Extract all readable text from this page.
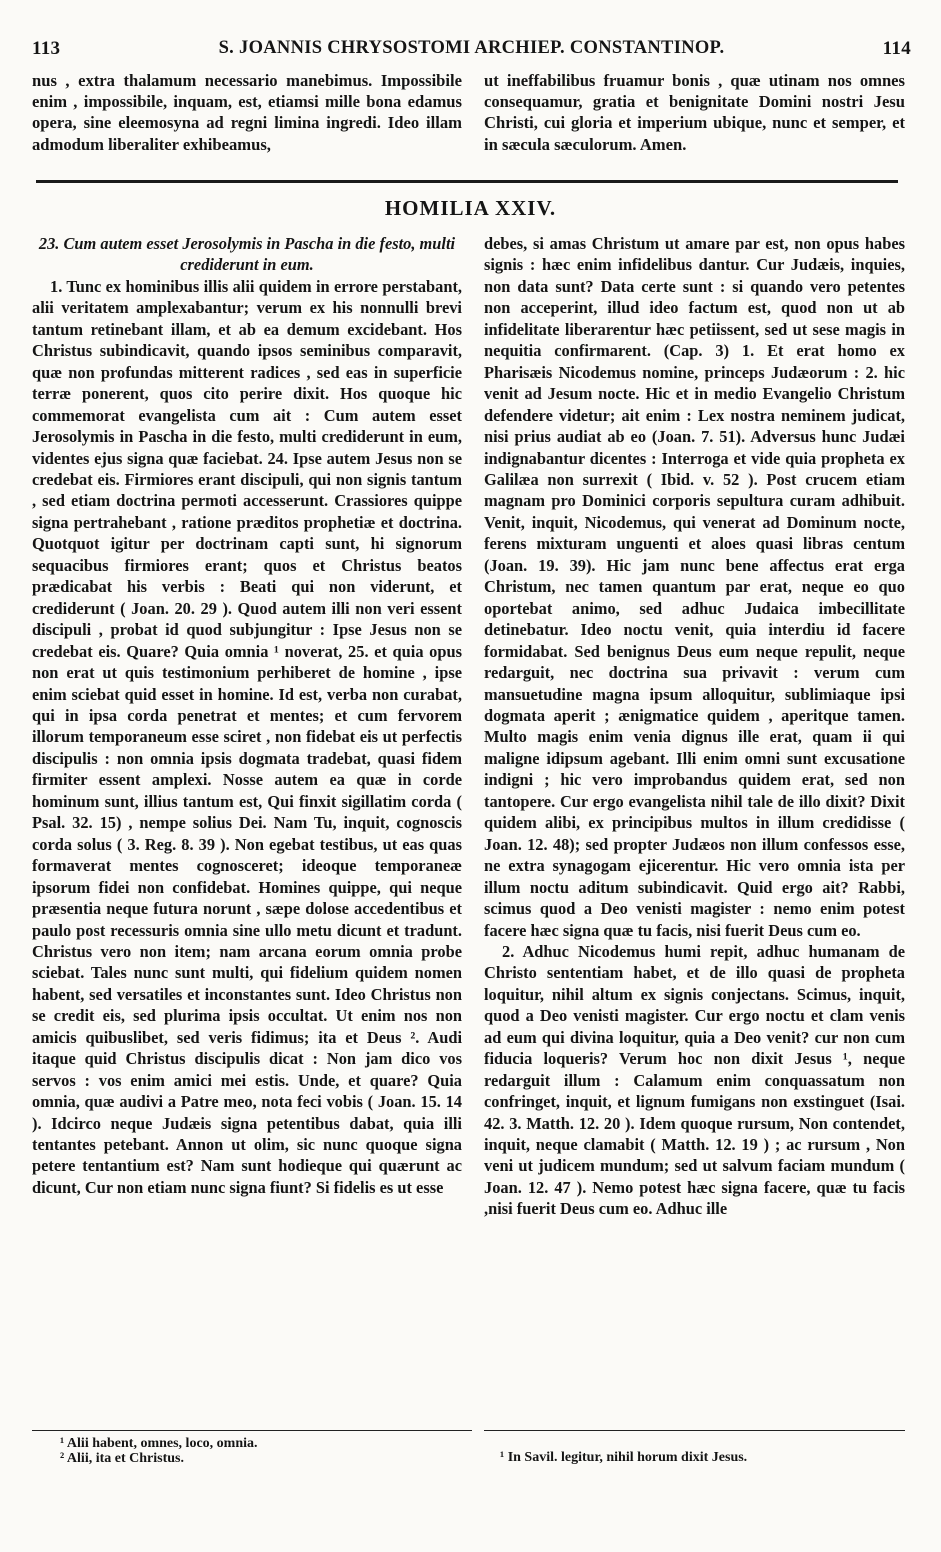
113	S. JOANNIS CHRYSOSTOMI ARCHIEP. CONSTANTINOP.	114

nus , extra thalamum necessario manebimus. Impossibile enim , impossibile, inquam, est, etiamsi mille bona edamus opera, sine eleemosyna ad regni limina ingredi. Ideo illam admodum liberaliter exhibeamus,

ut ineffabilibus fruamur bonis , quæ utinam nos omnes consequamur, gratia et benignitate Domini nostri Jesu Christi, cui gloria et imperium ubique, nunc et semper, et in sæcula sæculorum. Amen.

HOMILIA XXIV.

23. Cum autem esset Jerosolymis in Pascha in die festo, multi crediderunt in eum.

1. Tunc ex hominibus illis alii quidem in errore perstabant, alii veritatem amplexabantur; verum ex his nonnulli brevi tantum retinebant illam, et ab ea demum excidebant. Hos Christus subindicavit, quando ipsos seminibus comparavit, quæ non profundas mitterent radices , sed eas in superficie terræ ponerent, quos cito perire dixit. Hos quoque hic commemorat evangelistа cum ait : Cum autem esset Jerosolymis in Pascha in die festo, multi crediderunt in eum, videntes ejus signa quæ faciebat. 24. Ipse autem Jesus non se credebat eis. Firmiores erant discipuli, qui non signis tantum , sed etiam doctrina permoti accesserunt. Crassiores quippe signa pertrahebant , ratione præditos prophetiæ et doctrina. Quotquot igitur per doctrinam capti sunt, hi signorum sequacibus firmiores erant; quos et Christus beatos prædicabat his verbis : Beati qui non viderunt, et crediderunt ( Joan. 20. 29 ). Quod autem illi non veri essent discipuli , probat id quod subjungitur : Ipse Jesus non se credebat eis. Quare? Quia omnia ¹ noverat, 25. et quia opus non erat ut quis testimonium perhiberet de homine , ipse enim sciebat quid esset in homine. Id est, verba non curabat, qui in ipsa corda penetrat et mentes; et cum fervorem illorum temporaneum esse sciret , non fidebat eis ut perfectis discipulis : non omnia ipsis dogmata tradebat, quasi fidem firmiter essent amplexi. Nosse autem ea quæ in corde hominum sunt, illius tantum est, Qui finxit sigillatim corda ( Psal. 32. 15) , nempe solius Dei. Nam Tu, inquit, cognoscis corda solus ( 3. Reg. 8. 39 ). Non egebat testibus, ut eas quas formaverat mentes cognosceret; ideoque temporaneæ ipsorum fidei non confidebat. Homines quippe, qui neque præsentia neque futura norunt , sæpe dolose accedentibus et paulo post recessuris omnia sine ullo metu dicunt et tradunt. Christus vero non item; nam arcana eorum omnia probe sciebat. Tales nunc sunt multi, qui fidelium quidem nomen habent, sed versatiles et inconstantes sunt. Ideo Christus non se credit eis, sed plurima ipsis occultat. Ut enim nos non amicis quibuslibet, sed veris fidimus; ita et Deus ². Audi itaque quid Christus discipulis dicat : Non jam dico vos servos : vos enim amici mei estis. Unde, et quare? Quia omnia, quæ audivi a Patre meo, nota feci vobis ( Joan. 15. 14 ). Idcirco neque Judæis signa petentibus dabat, quia illi tentantes petebant. Annon ut olim, sic nunc quoque signa petere tentantium est? Nam sunt hodieque qui quærunt ac dicunt, Cur non etiam nunc signa fiunt? Si fidelis es ut esse

debes, si amas Christum ut amare par est, non opus habes signis : hæc enim infidelibus dantur. Cur Judæis, inquies, non data sunt? Data certe sunt : si quando vero petentes non acceperint, illud ideo factum est, quod non ut ab infidelitate liberarentur hæc petiissent, sed ut sese magis in nequitia confirmarent. (Cap. 3) 1. Et erat homo ex Pharisæis Nicodemus nomine, princeps Judæorum : 2. hic venit ad Jesum nocte. Hic et in medio Evangelio Christum defendere videtur; ait enim : Lex nostra neminem judicat, nisi prius audiat ab eo (Joan. 7. 51). Adversus hunc Judæi indignabantur dicentes : Interroga et vide quia propheta ex Galilæa non surrexit ( Ibid. v. 52 ). Post crucem etiam magnam pro Dominici corporis sepultura curam adhibuit. Venit, inquit, Nicodemus, qui venerat ad Dominum nocte, ferens mixturam unguenti et aloes quasi libras centum (Joan. 19. 39). Hic jam nunc bene affectus erat erga Christum, nec tamen quantum par erat, neque eo quo oportebat animo, sed adhuc Judaica imbecillitate detinebatur. Ideo noctu venit, quia interdiu id facere formidabat. Sed benignus Deus eum neque repulit, neque redarguit, nec doctrina sua privavit : verum cum mansuetudine magna ipsum alloquitur, sublimiaque ipsi dogmata aperit ; ænigmatice quidem , aperitque tamen. Multo magis enim venia dignus ille erat, quam ii qui maligne idipsum agebant. Illi enim omni sunt excusatione indigni ; hic vero improbandus quidem erat, sed non tantopere. Cur ergo evangelista nihil tale de illo dixit? Dixit quidem alibi, ex principibus multos in illum credidisse ( Joan. 12. 48); sed propter Judæos non illum confessos esse, ne extra synagogam ejicerentur. Hic vero omnia ista per illum noctu aditum subindicavit. Quid ergo ait? Rabbi, scimus quod a Deo venisti magister : nemo enim potest facere hæc signa quæ tu facis, nisi fuerit Deus cum eo.

2. Adhuc Nicodemus humi repit, adhuc humanam de Christo sententiam habet, et de illo quasi de propheta loquitur, nihil altum ex signis conjectans. Scimus, inquit, quod a Deo venisti magister. Cur ergo noctu et clam venis ad eum qui divina loquitur, quia a Deo venit? cur non cum fiducia loqueris? Verum hoc non dixit Jesus ¹, neque redarguit illum : Calamum enim conquassatum non confringet, inquit, et lignum fumigans non exstinguet (Isai. 42. 3. Matth. 12. 20 ). Idem quoque rursum, Non contendet, inquit, neque clamabit ( Matth. 12. 19 ) ; ac rursum , Non veni ut judicem mundum; sed ut salvum faciam mundum ( Joan. 12. 47 ). Nemo potest hæc signa facere, quæ tu facis ,nisi fuerit Deus cum eo. Adhuc ille

¹ Alii habent, omnes, loco, omnia.
² Alii, ita et Christus.	¹ In Savil. legitur, nihil horum dixit Jesus.
